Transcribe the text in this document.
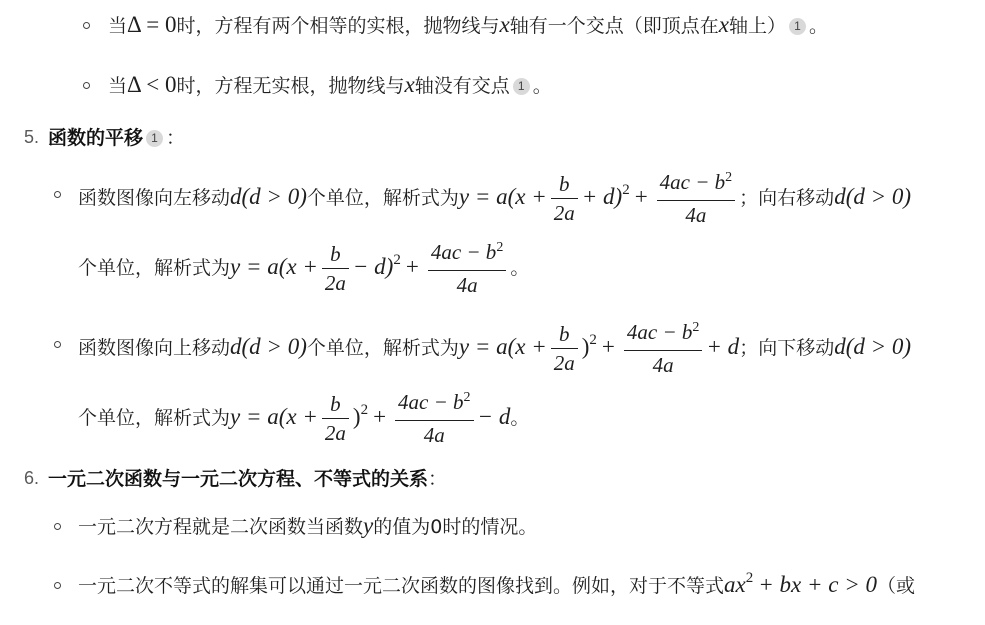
当Δ = 0时，方程有两个相等的实根，抛物线与x轴有一个交点（即顶点在x轴上） 1 。
当Δ < 0时，方程无实根，抛物线与x轴没有交点 1 。
5. 函数的平移 1 ：
函数图像向左移动d(d > 0)个单位，解析式为$y = a(x + \frac{b}{2a} + d)^2 + \frac{4ac - b^2}{4a}$ ；向右移动d(d > 0)
个单位，解析式为$y = a(x + \frac{b}{2a} - d)^2 + \frac{4ac - b^2}{4a}$ 。
函数图像向上移动d(d > 0)个单位，解析式为$y = a(x + \frac{b}{2a} )^2 + \frac{4ac - b^2}{4a} + d$；向下移动d(d > 0)
个单位，解析式为$y = a(x + \frac{b}{2a} )^2 + \frac{4ac - b^2}{4a} - d$。
6. 一元二次函数与一元二次方程、不等式的关系：
一元二次方程就是二次函数当函数y的值为0时的情况。
一元二次不等式的解集可以通过一元二次函数的图像找到。例如，对于不等式$ax^2$ + bx + c > 0（或
